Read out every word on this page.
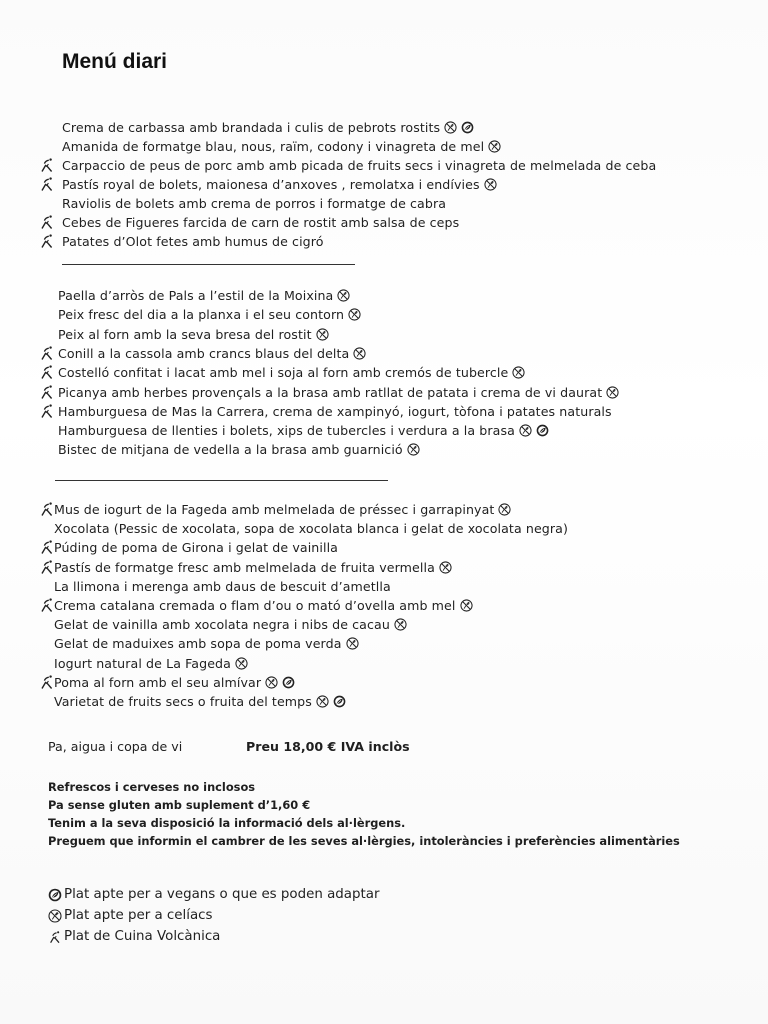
Menú diari
Crema de carbassa amb brandada i culis de pebrots rostits
Amanida de formatge blau, nous, raïm, codony i vinagreta de mel
Carpaccio de peus de porc amb amb picada de fruits secs i vinagreta de melmelada de ceba
Pastís royal de bolets, maionesa d’anxoves , remolatxa i endívies
Raviolis de bolets amb crema de porros i formatge de cabra
Cebes de Figueres farcida de carn de rostit amb salsa de ceps
Patates d’Olot fetes amb humus de cigró
Paella d’arròs de Pals a l’estil de la Moixina
Peix fresc del dia a la planxa i el seu contorn
Peix al forn amb la seva bresa del rostit
Conill a la cassola amb crancs blaus del delta
Costelló confitat i lacat amb mel i soja al forn amb cremós de tubercle
Picanya amb herbes provençals a la brasa amb ratllat de patata i crema de vi daurat
Hamburguesa de Mas la Carrera, crema de xampinyó, iogurt, tòfona i patates naturals
Hamburguesa de llenties i bolets, xips de tubercles i verdura a la brasa
Bistec de mitjana de vedella a la brasa amb guarnició
Mus de iogurt de la Fageda amb melmelada de préssec i garrapinyat
Xocolata (Pessic de xocolata, sopa de xocolata blanca i gelat de xocolata negra)
Púding de poma de Girona i gelat de vainilla
Pastís de formatge fresc amb melmelada de fruita vermella
La llimona i merenga amb daus de bescuit d’ametlla
Crema catalana cremada o flam d’ou o mató d’ovella amb mel
Gelat de vainilla amb xocolata negra i nibs de cacau
Gelat de maduixes amb sopa de poma verda
Iogurt natural de La Fageda
Poma al forn amb el seu almívar
Varietat de fruits secs o fruita del temps
Pa, aigua i copa de vi	Preu 18,00 € IVA inclòs
Refrescos i cerveses no inclosos
Pa sense gluten amb suplement d’1,60 €
Tenim a la seva disposició la informació dels al·lèrgens.
Preguem que informin el cambrer de les seves al·lèrgies, intoleràncies i preferències alimentàries
Plat apte per a vegans o que es poden adaptar
Plat apte per a celíacs
Plat de Cuina Volcànica
